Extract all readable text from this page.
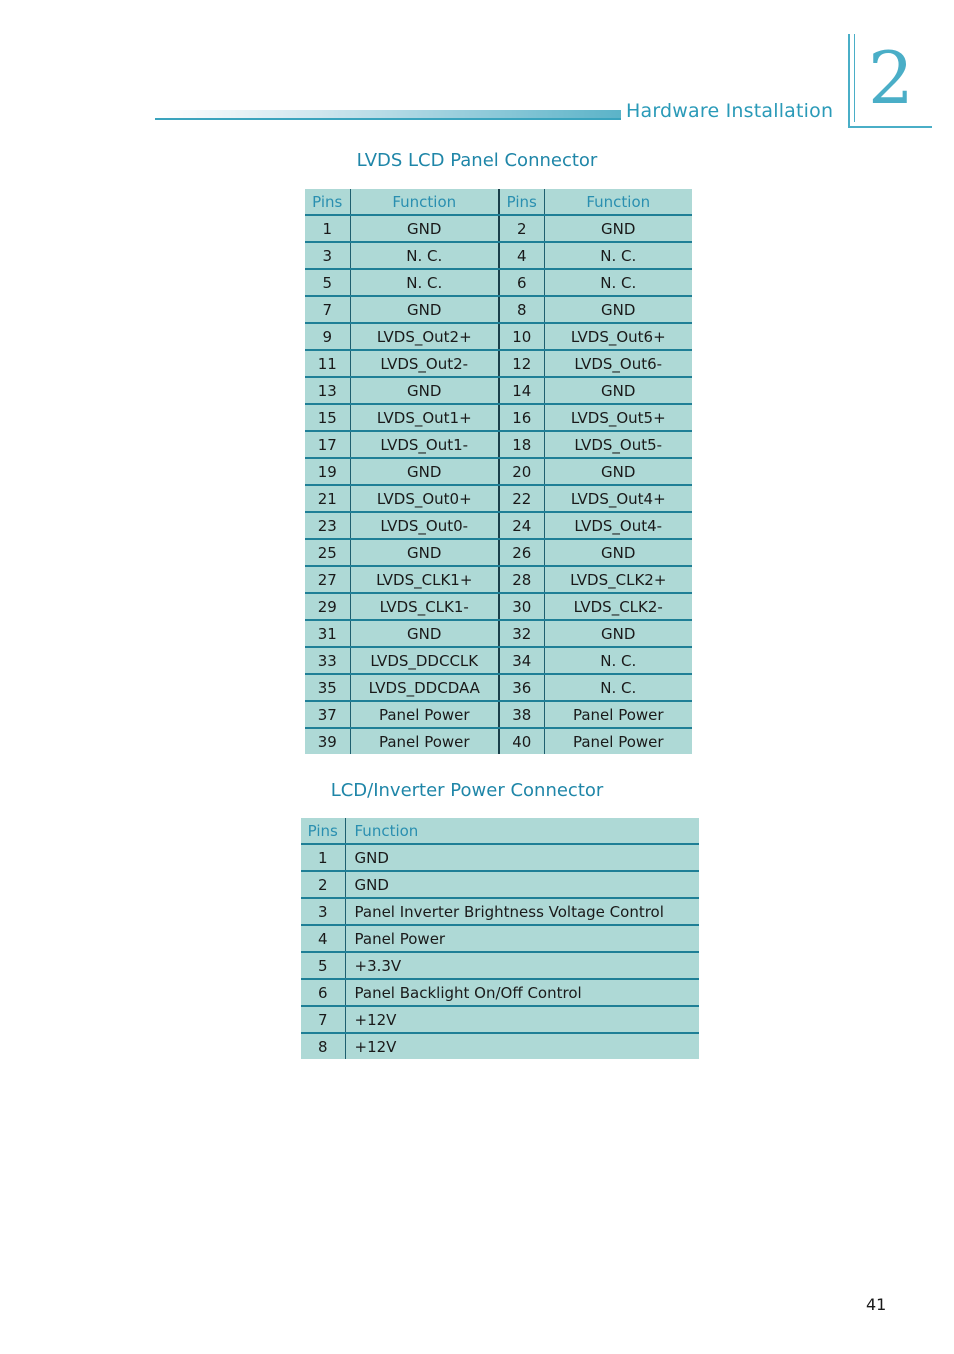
Hardware Installation 2
LVDS LCD Panel Connector
Pins	Function	Pins	Function
1	GND	2	GND
3	N. C.	4	N. C.
5	N. C.	6	N. C.
7	GND	8	GND
9	LVDS_Out2+	10	LVDS_Out6+
11	LVDS_Out2-	12	LVDS_Out6-
13	GND	14	GND
15	LVDS_Out1+	16	LVDS_Out5+
17	LVDS_Out1-	18	LVDS_Out5-
19	GND	20	GND
21	LVDS_Out0+	22	LVDS_Out4+
23	LVDS_Out0-	24	LVDS_Out4-
25	GND	26	GND
27	LVDS_CLK1+	28	LVDS_CLK2+
29	LVDS_CLK1-	30	LVDS_CLK2-
31	GND	32	GND
33	LVDS_DDCCLK	34	N. C.
35	LVDS_DDCDAA	36	N. C.
37	Panel Power	38	Panel Power
39	Panel Power	40	Panel Power
LCD/Inverter Power Connector
Pins	Function
1	GND
2	GND
3	Panel Inverter Brightness Voltage Control
4	Panel Power
5	+3.3V
6	Panel Backlight On/Off Control
7	+12V
8	+12V
41
